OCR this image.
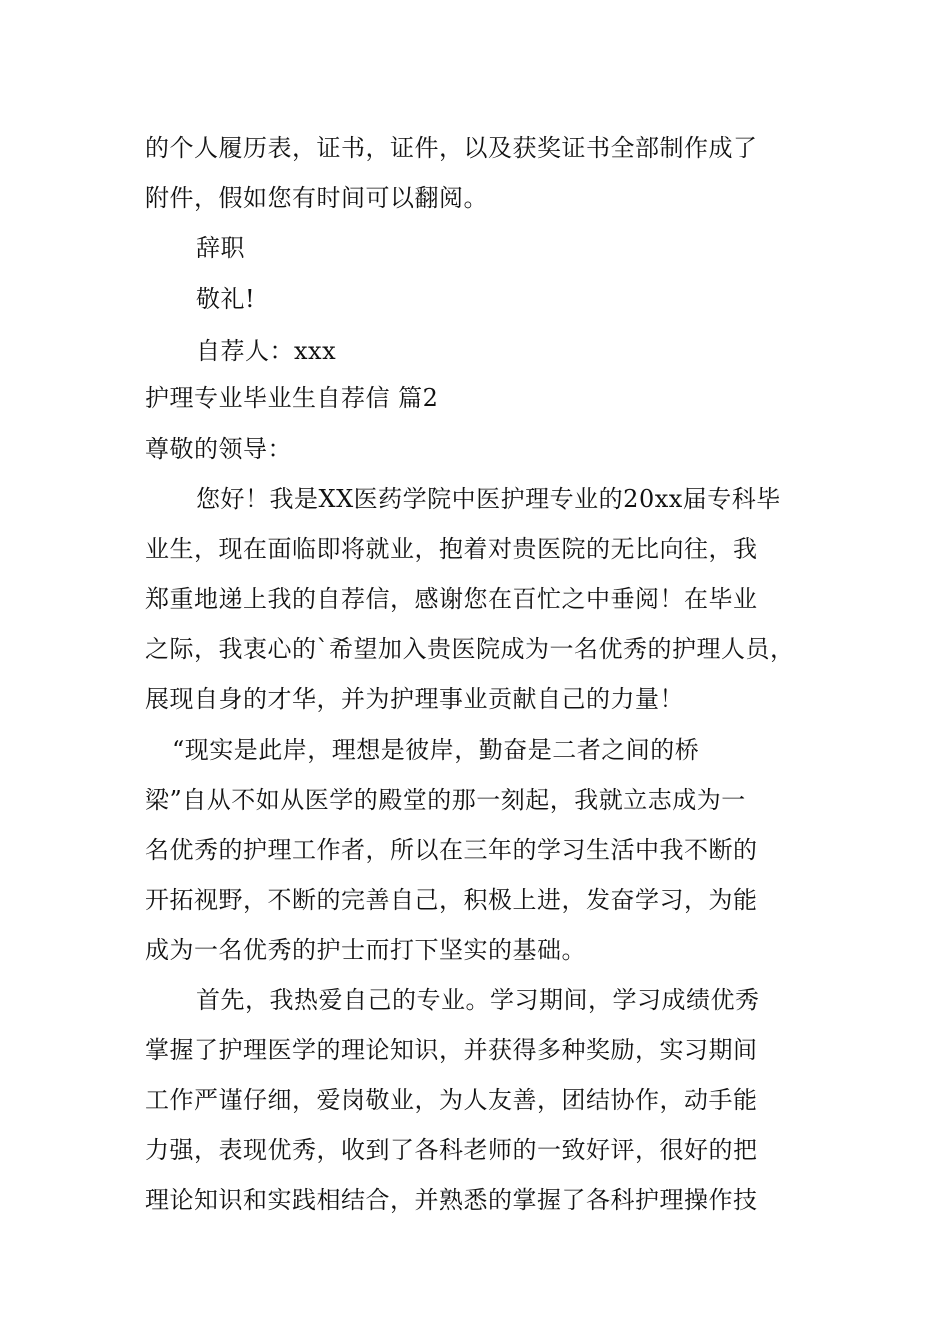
的个人履历表，证书，证件，以及获奖证书全部制作成了
附件，假如您有时间可以翻阅。
辞职
敬礼!
自荐人：xxx
护理专业毕业生自荐信 篇2
尊敬的领导：
您好！我是XX医药学院中医护理专业的20xx届专科毕
业生，现在面临即将就业，抱着对贵医院的无比向往，我
郑重地递上我的自荐信，感谢您在百忙之中垂阅！在毕业
之际，我衷心的`希望加入贵医院成为一名优秀的护理人员，
展现自身的才华，并为护理事业贡献自己的力量！
“现实是此岸，理想是彼岸，勤奋是二者之间的桥
梁”自从不如从医学的殿堂的那一刻起，我就立志成为一
名优秀的护理工作者，所以在三年的学习生活中我不断的
开拓视野，不断的完善自己，积极上进，发奋学习，为能
成为一名优秀的护士而打下坚实的基础。
首先，我热爱自己的专业。学习期间，学习成绩优秀
掌握了护理医学的理论知识，并获得多种奖励，实习期间
工作严谨仔细，爱岗敬业，为人友善，团结协作，动手能
力强，表现优秀，收到了各科老师的一致好评，很好的把
理论知识和实践相结合，并熟悉的掌握了各科护理操作技
